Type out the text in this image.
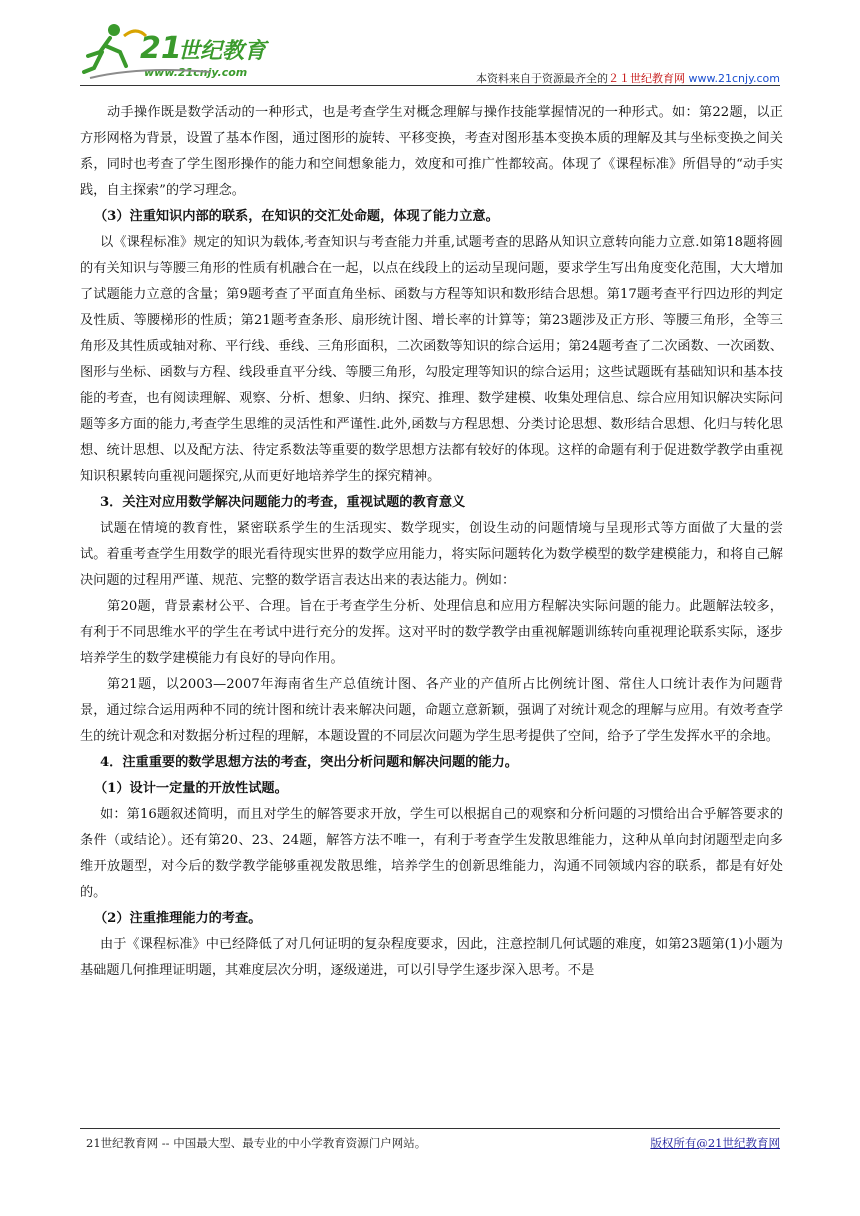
21
世纪教育
www.21cnjy.com	本资料来自于资源最齐全的２１世纪教育网 www.21cnjy.com

动手操作既是数学活动的一种形式，也是考查学生对概念理解与操作技能掌握情况的一种形式。如：第22题，以正方形网格为背景，设置了基本作图，通过图形的旋转、平移变换，考查对图形基本变换本质的理解及其与坐标变换之间关系，同时也考查了学生图形操作的能力和空间想象能力，效度和可推广性都较高。体现了《课程标准》所倡导的“动手实践，自主探索”的学习理念。

（3）注重知识内部的联系，在知识的交汇处命题，体现了能力立意。

以《课程标准》规定的知识为载体,考查知识与考查能力并重,试题考查的思路从知识立意转向能力立意.如第18题将圆的有关知识与等腰三角形的性质有机融合在一起，以点在线段上的运动呈现问题，要求学生写出角度变化范围，大大增加了试题能力立意的含量；第9题考查了平面直角坐标、函数与方程等知识和数形结合思想。第17题考查平行四边形的判定及性质、等腰梯形的性质；第21题考查条形、扇形统计图、增长率的计算等；第23题涉及正方形、等腰三角形，全等三角形及其性质或轴对称、平行线、垂线、三角形面积，二次函数等知识的综合运用；第24题考查了二次函数、一次函数、图形与坐标、函数与方程、线段垂直平分线、等腰三角形，勾股定理等知识的综合运用；这些试题既有基础知识和基本技能的考查，也有阅读理解、观察、分析、想象、归纳、探究、推理、数学建模、收集处理信息、综合应用知识解决实际问题等多方面的能力,考查学生思维的灵活性和严谨性.此外,函数与方程思想、分类讨论思想、数形结合思想、化归与转化思想、统计思想、以及配方法、待定系数法等重要的数学思想方法都有较好的体现。这样的命题有利于促进数学教学由重视知识积累转向重视问题探究,从而更好地培养学生的探究精神。

3．关注对应用数学解决问题能力的考查，重视试题的教育意义

试题在情境的教育性，紧密联系学生的生活现实、数学现实，创设生动的问题情境与呈现形式等方面做了大量的尝试。着重考查学生用数学的眼光看待现实世界的数学应用能力，将实际问题转化为数学模型的数学建模能力，和将自己解决问题的过程用严谨、规范、完整的数学语言表达出来的表达能力。例如：

第20题，背景素材公平、合理。旨在于考查学生分析、处理信息和应用方程解决实际问题的能力。此题解法较多，有利于不同思维水平的学生在考试中进行充分的发挥。这对平时的数学教学由重视解题训练转向重视理论联系实际，逐步培养学生的数学建模能力有良好的导向作用。

第21题，以2003—2007年海南省生产总值统计图、各产业的产值所占比例统计图、常住人口统计表作为问题背景，通过综合运用两种不同的统计图和统计表来解决问题，命题立意新颖，强调了对统计观念的理解与应用。有效考查学生的统计观念和对数据分析过程的理解，本题设置的不同层次问题为学生思考提供了空间，给予了学生发挥水平的余地。

4．注重重要的数学思想方法的考查，突出分析问题和解决问题的能力。

（1）设计一定量的开放性试题。

如：第16题叙述简明，而且对学生的解答要求开放，学生可以根据自己的观察和分析问题的习惯给出合乎解答要求的条件（或结论）。还有第20、23、24题，解答方法不唯一，有利于考查学生发散思维能力，这种从单向封闭题型走向多维开放题型，对今后的数学教学能够重视发散思维，培养学生的创新思维能力，沟通不同领域内容的联系，都是有好处的。

（2）注重推理能力的考查。

由于《课程标准》中已经降低了对几何证明的复杂程度要求，因此，注意控制几何试题的难度，如第23题第(1)小题为基础题几何推理证明题，其难度层次分明，逐级递进，可以引导学生逐步深入思考。不是

21世纪教育网 -- 中国最大型、最专业的中小学教育资源门户网站。	版权所有@21世纪教育网
